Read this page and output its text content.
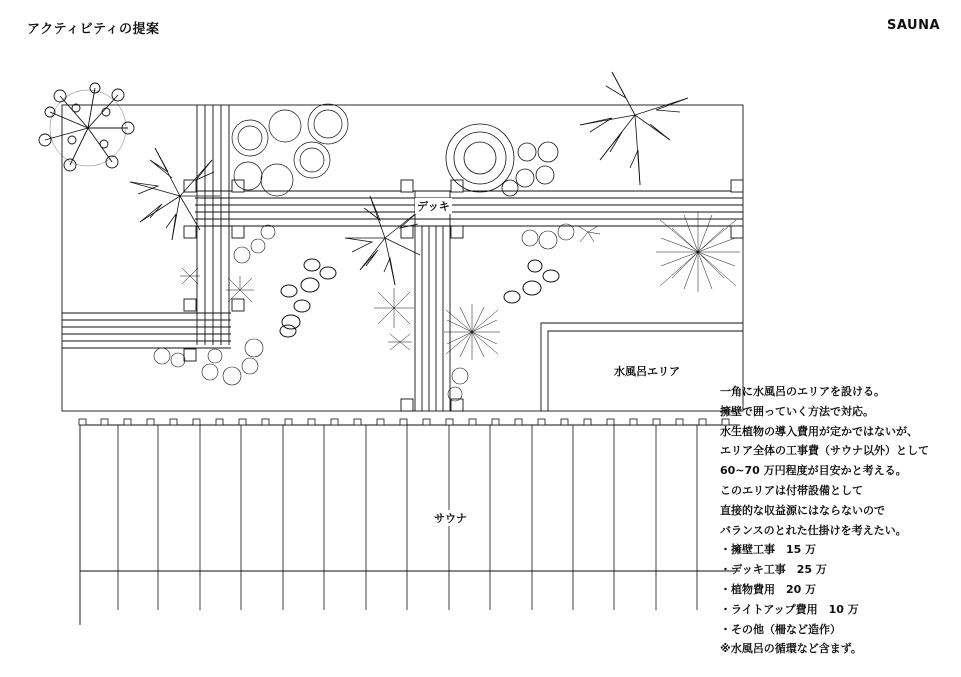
アクティビティの提案	SAUNA
デッキ
水風呂エリア
サウナ
一角に水風呂のエリアを設ける。
擁壁で囲っていく方法で対応。
水生植物の導入費用が定かではないが、
エリア全体の工事費（サウナ以外）として
60~70 万円程度が目安かと考える。
このエリアは付帯設備として
直接的な収益源にはならないので
バランスのとれた仕掛けを考えたい。
・擁壁工事　15 万
・デッキ工事　25 万
・植物費用　20 万
・ライトアップ費用　10 万
・その他（柵など造作）
※水風呂の循環など含まず。
